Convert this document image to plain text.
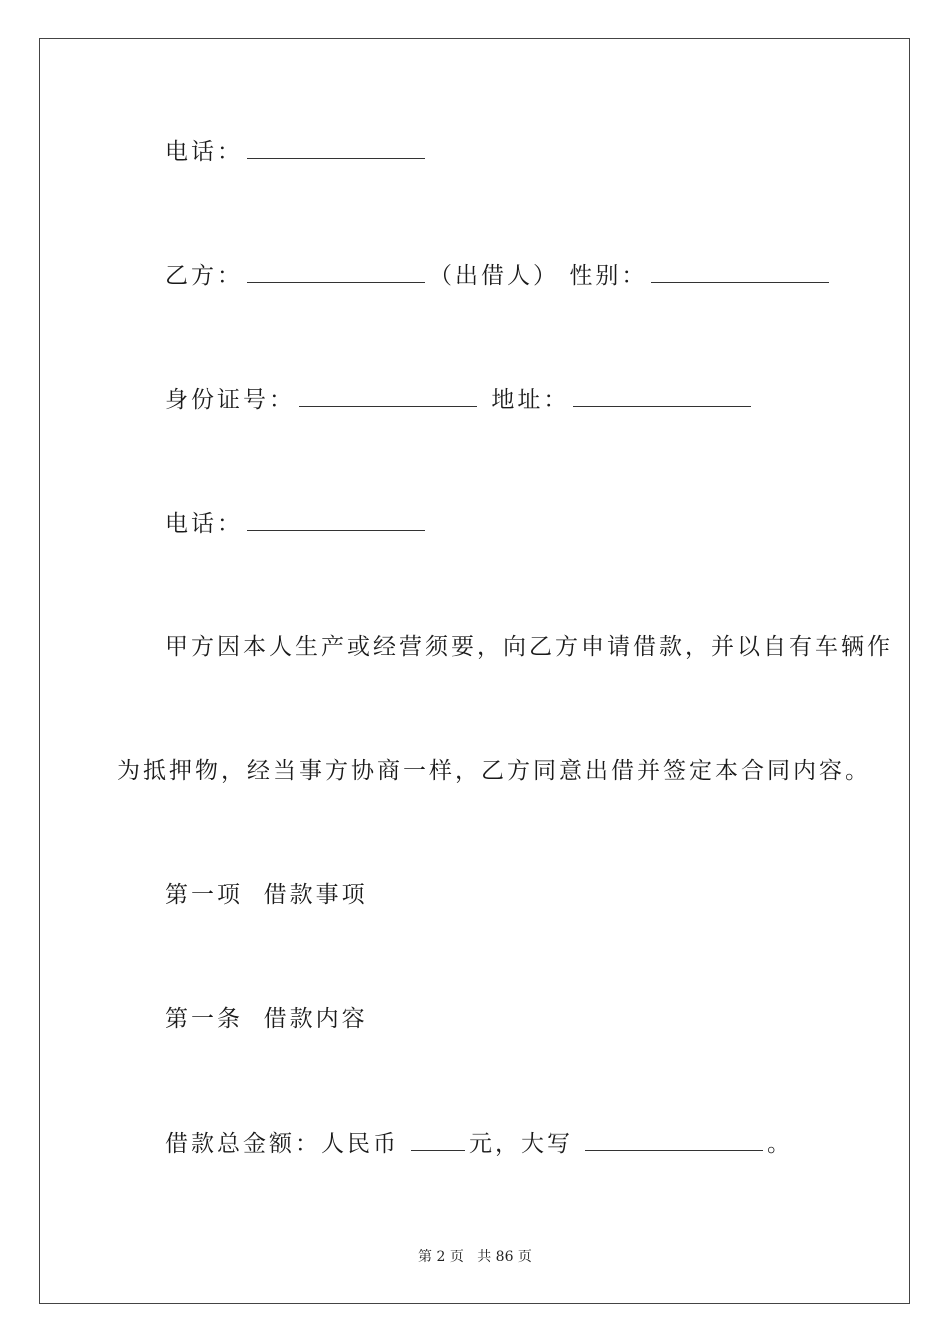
电话：
乙方：	（出借人） 性别：
身份证号：	地址：
电话：
甲方因本人生产或经营须要，向乙方申请借款，并以自有车辆作
为抵押物，经当事方协商一样，乙方同意出借并签定本合同内容。
第一项  借款事项
第一条  借款内容
借款总金额：人民币	元，大写	。
第 2 页 共 86 页
